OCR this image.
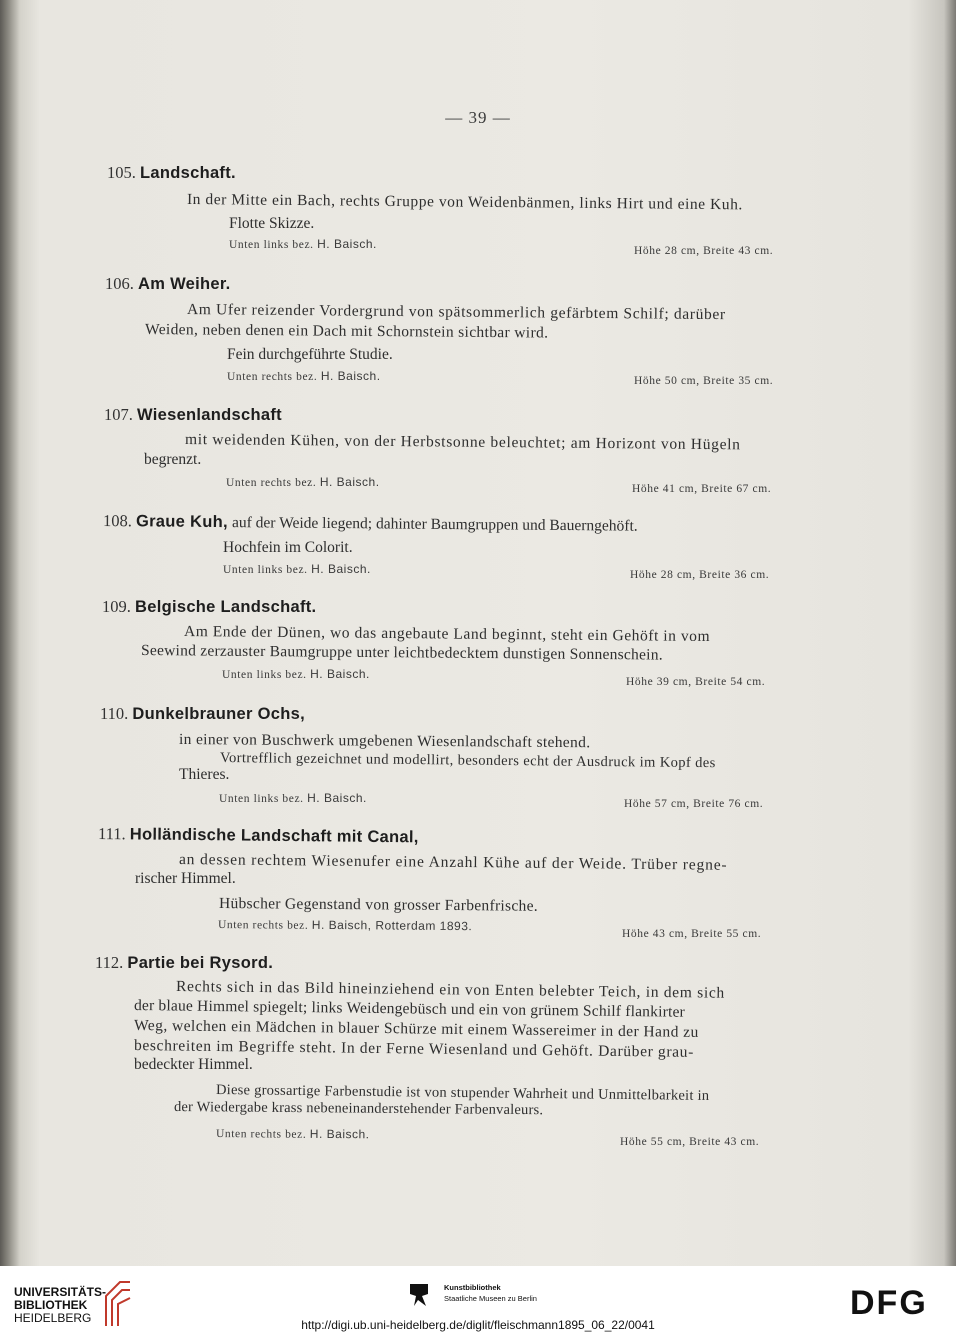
— 39 —
105. Landschaft.
In der Mitte ein Bach, rechts Gruppe von Weidenbänmen, links Hirt und eine Kuh.
Flotte Skizze.
Unten links bez. H. Baisch.	Höhe 28 cm, Breite 43 cm.
106. Am Weiher.
Am Ufer reizender Vordergrund von spätsommerlich gefärbtem Schilf; darüber
Weiden, neben denen ein Dach mit Schornstein sichtbar wird.
Fein durchgeführte Studie.
Unten rechts bez. H. Baisch.	Höhe 50 cm, Breite 35 cm.
107. Wiesenlandschaft
mit weidenden Kühen, von der Herbstsonne beleuchtet; am Horizont von Hügeln
begrenzt.
Unten rechts bez. H. Baisch.	Höhe 41 cm, Breite 67 cm.
108. Graue Kuh, auf der Weide liegend; dahinter Baumgruppen und Bauerngehöft.
Hochfein im Colorit.
Unten links bez. H. Baisch.	Höhe 28 cm, Breite 36 cm.
109. Belgische Landschaft.
Am Ende der Dünen, wo das angebaute Land beginnt, steht ein Gehöft in vom
Seewind zerzauster Baumgruppe unter leichtbedecktem dunstigen Sonnenschein.
Unten links bez. H. Baisch.
Höhe 39 cm, Breite 54 cm.
110. Dunkelbrauner Ochs,
in einer von Buschwerk umgebenen Wiesenlandschaft stehend.
Vortrefflich gezeichnet und modellirt, besonders echt der Ausdruck im Kopf des
Thieres.
Unten links bez. H. Baisch.	Höhe 57 cm, Breite 76 cm.
111. Holländische Landschaft mit Canal,
an dessen rechtem Wiesenufer eine Anzahl Kühe auf der Weide. Trüber regne-
rischer Himmel.
Hübscher Gegenstand von grosser Farbenfrische.
Unten rechts bez. H. Baisch, Rotterdam 1893.
Höhe 43 cm, Breite 55 cm.
112. Partie bei Rysord.
Rechts sich in das Bild hineinziehend ein von Enten belebter Teich, in dem sich
der blaue Himmel spiegelt; links Weidengebüsch und ein von grünem Schilf flankirter
Weg, welchen ein Mädchen in blauer Schürze mit einem Wassereimer in der Hand zu
beschreiten im Begriffe steht. In der Ferne Wiesenland und Gehöft. Darüber grau-
bedeckter Himmel.
Diese grossartige Farbenstudie ist von stupender Wahrheit und Unmittelbarkeit in
der Wiedergabe krass nebeneinanderstehender Farbenvaleurs.
Unten rechts bez. H. Baisch.
Höhe 55 cm, Breite 43 cm.
UNIVERSITÄTS-
BIBLIOTHEK
HEIDELBERG
Kunstbibliothek
Staatliche Museen zu Berlin	DFG
http://digi.ub.uni-heidelberg.de/diglit/fleischmann1895_06_22/0041
